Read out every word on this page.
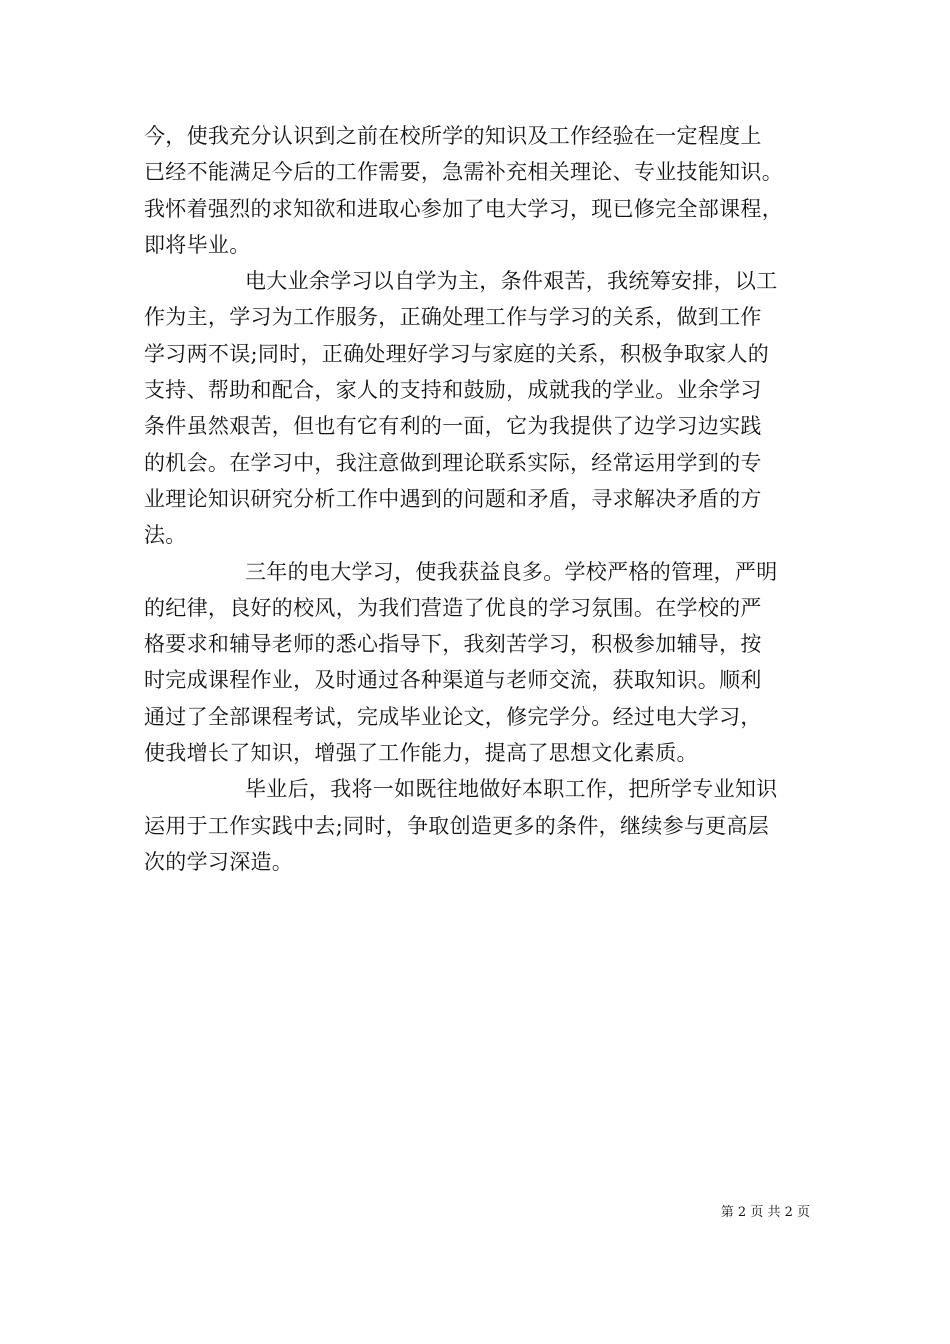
今，使我充分认识到之前在校所学的知识及工作经验在一定程度上
已经不能满足今后的工作需要，急需补充相关理论、专业技能知识。
我怀着强烈的求知欲和进取心参加了电大学习，现已修完全部课程，
即将毕业。
电大业余学习以自学为主，条件艰苦，我统筹安排，以工
作为主，学习为工作服务，正确处理工作与学习的关系，做到工作
学习两不误;同时，正确处理好学习与家庭的关系，积极争取家人的
支持、帮助和配合，家人的支持和鼓励，成就我的学业。业余学习
条件虽然艰苦，但也有它有利的一面，它为我提供了边学习边实践
的机会。在学习中，我注意做到理论联系实际，经常运用学到的专
业理论知识研究分析工作中遇到的问题和矛盾，寻求解决矛盾的方
法。
三年的电大学习，使我获益良多。学校严格的管理，严明
的纪律，良好的校风，为我们营造了优良的学习氛围。在学校的严
格要求和辅导老师的悉心指导下，我刻苦学习，积极参加辅导，按
时完成课程作业，及时通过各种渠道与老师交流，获取知识。顺利
通过了全部课程考试，完成毕业论文，修完学分。经过电大学习，
使我增长了知识，增强了工作能力，提高了思想文化素质。
毕业后，我将一如既往地做好本职工作，把所学专业知识
运用于工作实践中去;同时，争取创造更多的条件，继续参与更高层
次的学习深造。
第 2 页 共 2 页
